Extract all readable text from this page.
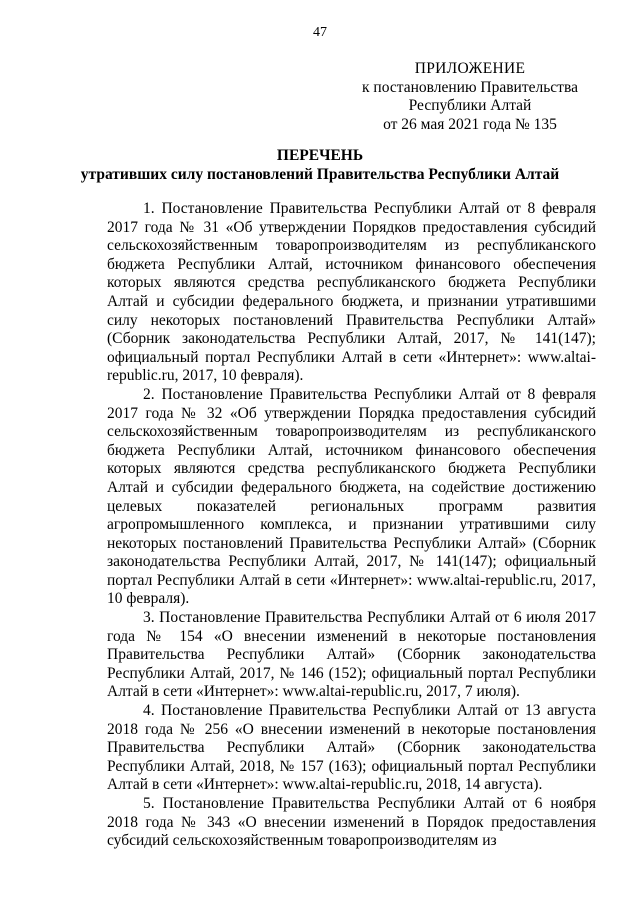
47
ПРИЛОЖЕНИЕ
к постановлению Правительства
Республики Алтай
от 26 мая 2021 года № 135
ПЕРЕЧЕНЬ
утративших силу постановлений Правительства Республики Алтай

1. Постановление Правительства Республики Алтай от 8 февраля 2017 года № 31 «Об утверждении Порядков предоставления субсидий сельскохозяйственным товаропроизводителям из республиканского бюджета Республики Алтай, источником финансового обеспечения которых являются средства республиканского бюджета Республики Алтай и субсидии федерального бюджета, и признании утратившими силу некоторых постановлений Правительства Республики Алтай» (Сборник законодательства Республики Алтай, 2017, № 141(147); официальный портал Республики Алтай в сети «Интернет»: www.altai-republic.ru, 2017, 10 февраля).

2. Постановление Правительства Республики Алтай от 8 февраля 2017 года № 32 «Об утверждении Порядка предоставления субсидий сельскохозяйственным товаропроизводителям из республиканского бюджета Республики Алтай, источником финансового обеспечения которых являются средства республиканского бюджета Республики Алтай и субсидии федерального бюджета, на содействие достижению целевых показателей региональных программ развития агропромышленного комплекса, и признании утратившими силу некоторых постановлений Правительства Республики Алтай» (Сборник законодательства Республики Алтай, 2017, № 141(147); официальный портал Республики Алтай в сети «Интернет»: www.altai-republic.ru, 2017, 10 февраля).

3. Постановление Правительства Республики Алтай от 6 июля 2017 года № 154 «О внесении изменений в некоторые постановления Правительства Республики Алтай» (Сборник законодательства Республики Алтай, 2017, № 146 (152); официальный портал Республики Алтай в сети «Интернет»: www.altai-republic.ru, 2017, 7 июля).

4. Постановление Правительства Республики Алтай от 13 августа 2018 года № 256 «О внесении изменений в некоторые постановления Правительства Республики Алтай» (Сборник законодательства Республики Алтай, 2018, № 157 (163); официальный портал Республики Алтай в сети «Интернет»: www.altai-republic.ru, 2018, 14 августа).

5. Постановление Правительства Республики Алтай от 6 ноября 2018 года № 343 «О внесении изменений в Порядок предоставления субсидий сельскохозяйственным товаропроизводителям из
